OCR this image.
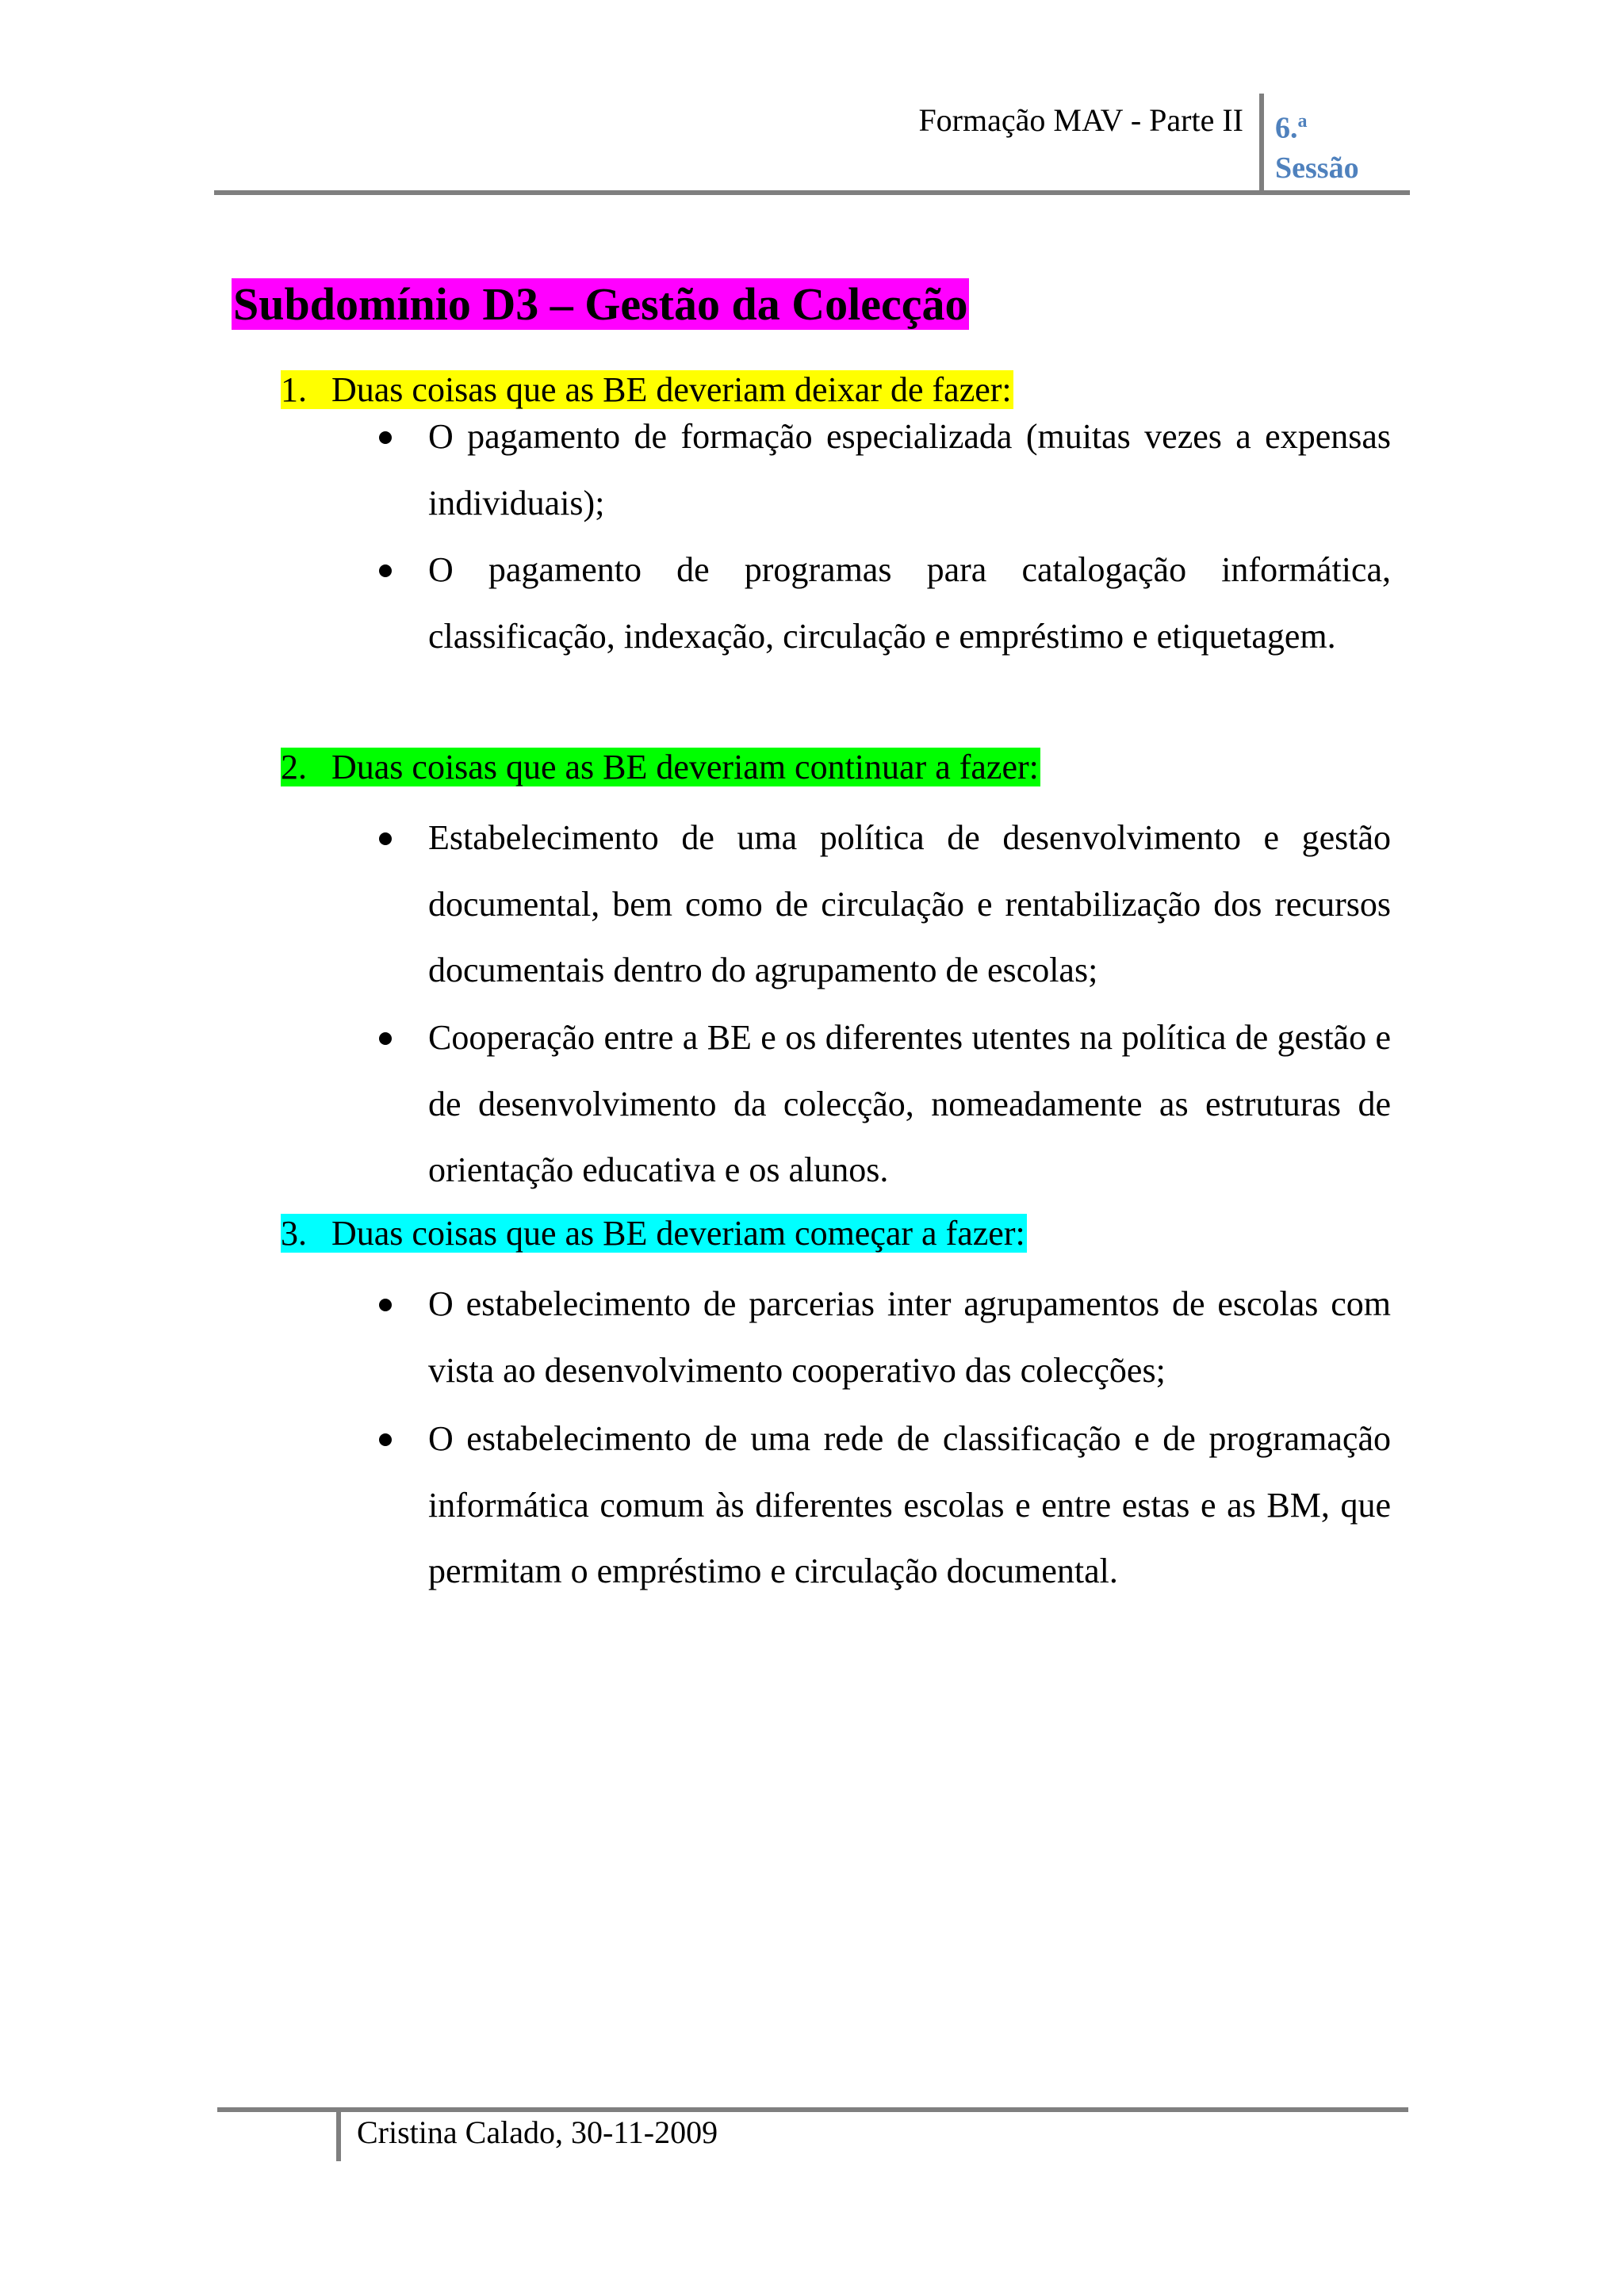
Formação MAV - Parte II 6.$^a$
Sessão
Subdomínio D3 – Gestão da Colecção
1. Duas coisas que as BE deveriam deixar de fazer:
O pagamento de formação especializada (muitas vezes a expensas individuais);
O pagamento de programas para catalogação informática, classificação, indexação, circulação e empréstimo e etiquetagem.
2. Duas coisas que as BE deveriam continuar a fazer:
Estabelecimento de uma política de desenvolvimento e gestão documental, bem como de circulação e rentabilização dos recursos documentais dentro do agrupamento de escolas;
Cooperação entre a BE e os diferentes utentes na política de gestão e de desenvolvimento da colecção, nomeadamente as estruturas de orientação educativa e os alunos.
3. Duas coisas que as BE deveriam começar a fazer:
O estabelecimento de parcerias inter agrupamentos de escolas com vista ao desenvolvimento cooperativo das colecções;
O estabelecimento de uma rede de classificação e de programação informática comum às diferentes escolas e entre estas e as BM, que permitam o empréstimo e circulação documental.
Cristina Calado, 30-11-2009
